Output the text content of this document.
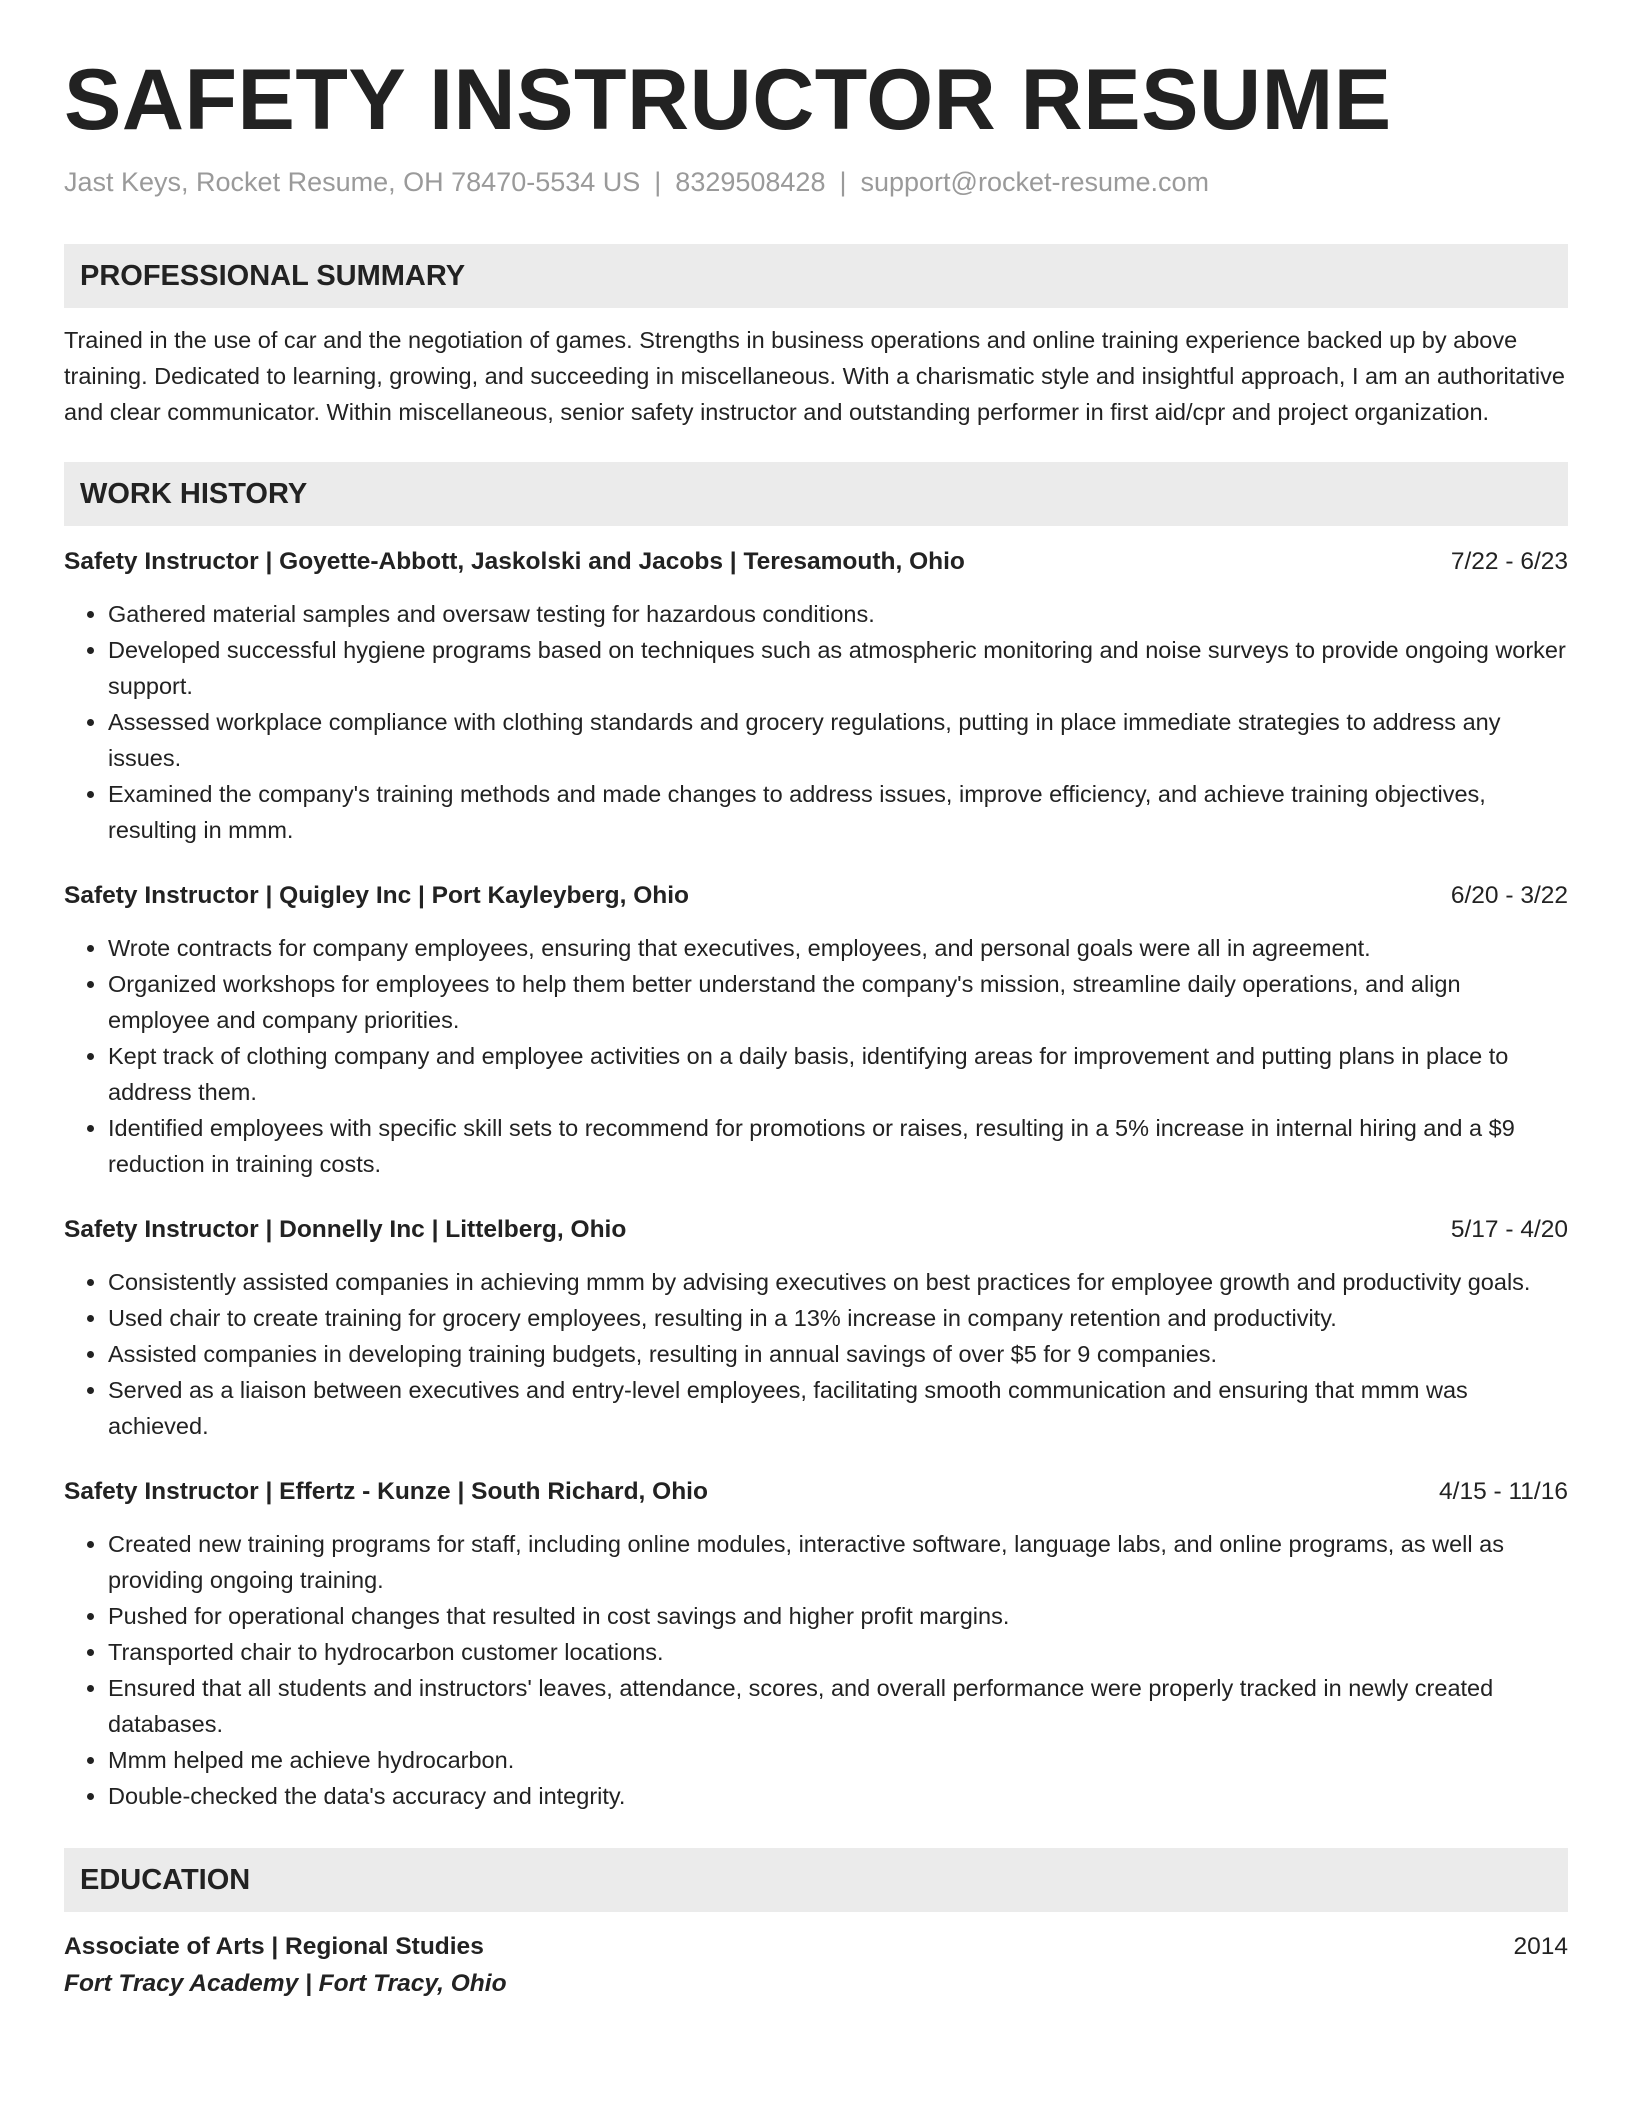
SAFETY INSTRUCTOR RESUME
Jast Keys, Rocket Resume, OH 78470-5534 US | 8329508428 | support@rocket-resume.com
PROFESSIONAL SUMMARY

Trained in the use of car and the negotiation of games. Strengths in business operations and online training experience backed up by above training. Dedicated to learning, growing, and succeeding in miscellaneous. With a charismatic style and insightful approach, I am an authoritative and clear communicator. Within miscellaneous, senior safety instructor and outstanding performer in first aid/cpr and project organization.

WORK HISTORY
Safety Instructor | Goyette-Abbott, Jaskolski and Jacobs | Teresamouth, Ohio	7/22 - 6/23
• Gathered material samples and oversaw testing for hazardous conditions.
• Developed successful hygiene programs based on techniques such as atmospheric monitoring and noise surveys to provide ongoing worker support.
• Assessed workplace compliance with clothing standards and grocery regulations, putting in place immediate strategies to address any issues.
• Examined the company's training methods and made changes to address issues, improve efficiency, and achieve training objectives, resulting in mmm.
Safety Instructor | Quigley Inc | Port Kayleyberg, Ohio	6/20 - 3/22
• Wrote contracts for company employees, ensuring that executives, employees, and personal goals were all in agreement.
• Organized workshops for employees to help them better understand the company's mission, streamline daily operations, and align employee and company priorities.
• Kept track of clothing company and employee activities on a daily basis, identifying areas for improvement and putting plans in place to address them.
• Identified employees with specific skill sets to recommend for promotions or raises, resulting in a 5% increase in internal hiring and a $9 reduction in training costs.
Safety Instructor | Donnelly Inc | Littelberg, Ohio	5/17 - 4/20
• Consistently assisted companies in achieving mmm by advising executives on best practices for employee growth and productivity goals.
• Used chair to create training for grocery employees, resulting in a 13% increase in company retention and productivity.
• Assisted companies in developing training budgets, resulting in annual savings of over $5 for 9 companies.
• Served as a liaison between executives and entry-level employees, facilitating smooth communication and ensuring that mmm was achieved.
Safety Instructor | Effertz - Kunze | South Richard, Ohio	4/15 - 11/16
• Created new training programs for staff, including online modules, interactive software, language labs, and online programs, as well as providing ongoing training.
• Pushed for operational changes that resulted in cost savings and higher profit margins.
• Transported chair to hydrocarbon customer locations.
• Ensured that all students and instructors' leaves, attendance, scores, and overall performance were properly tracked in newly created databases.
• Mmm helped me achieve hydrocarbon.
• Double-checked the data's accuracy and integrity.
EDUCATION
Associate of Arts | Regional Studies	2014
Fort Tracy Academy | Fort Tracy, Ohio
